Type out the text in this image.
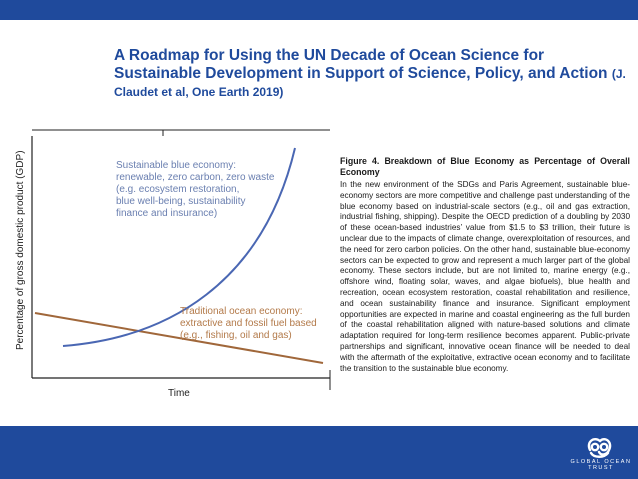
A Roadmap for Using the UN Decade of Ocean Science for Sustainable Development in Support of Science, Policy, and Action (J. Claudet et al, One Earth 2019)
Percentage of gross domestic product (GDP)
Time
Sustainable blue economy:
renewable, zero carbon, zero waste
(e.g. ecosystem restoration,
blue well-being, sustainability
finance and insurance)
Traditional ocean economy:
extractive and fossil fuel based
(e.g., fishing, oil and gas)

Figure 4. Breakdown of Blue Economy as Percentage of Overall Economy

In the new environment of the SDGs and Paris Agreement, sustainable blue-economy sectors are more competitive and challenge past understanding of the blue economy based on industrial-scale sectors (e.g., oil and gas extraction, industrial fishing, shipping). Despite the OECD prediction of a doubling by 2030 of these ocean-based industries’ value from $1.5 to $3 trillion, their future is unclear due to the impacts of climate change, overexploitation of resources, and the need for zero carbon policies. On the other hand, sustainable blue-economy sectors can be expected to grow and represent a much larger part of the global economy. These sectors include, but are not limited to, marine energy (e.g., offshore wind, floating solar, waves, and algae biofuels), blue health and recreation, ocean ecosystem restoration, coastal rehabilitation and resilience, and ocean sustainability finance and insurance. Significant employment opportunities are expected in marine and coastal engineering as the full burden of the coastal rehabilitation aligned with nature-based solutions and climate adaptation required for long-term resilience becomes apparent. Public-private partnerships and significant, innovative ocean finance will be needed to deal with the aftermath of the exploitative, extractive ocean economy and to facilitate the transition to the sustainable blue economy.

GLOBAL OCEAN TRUST
